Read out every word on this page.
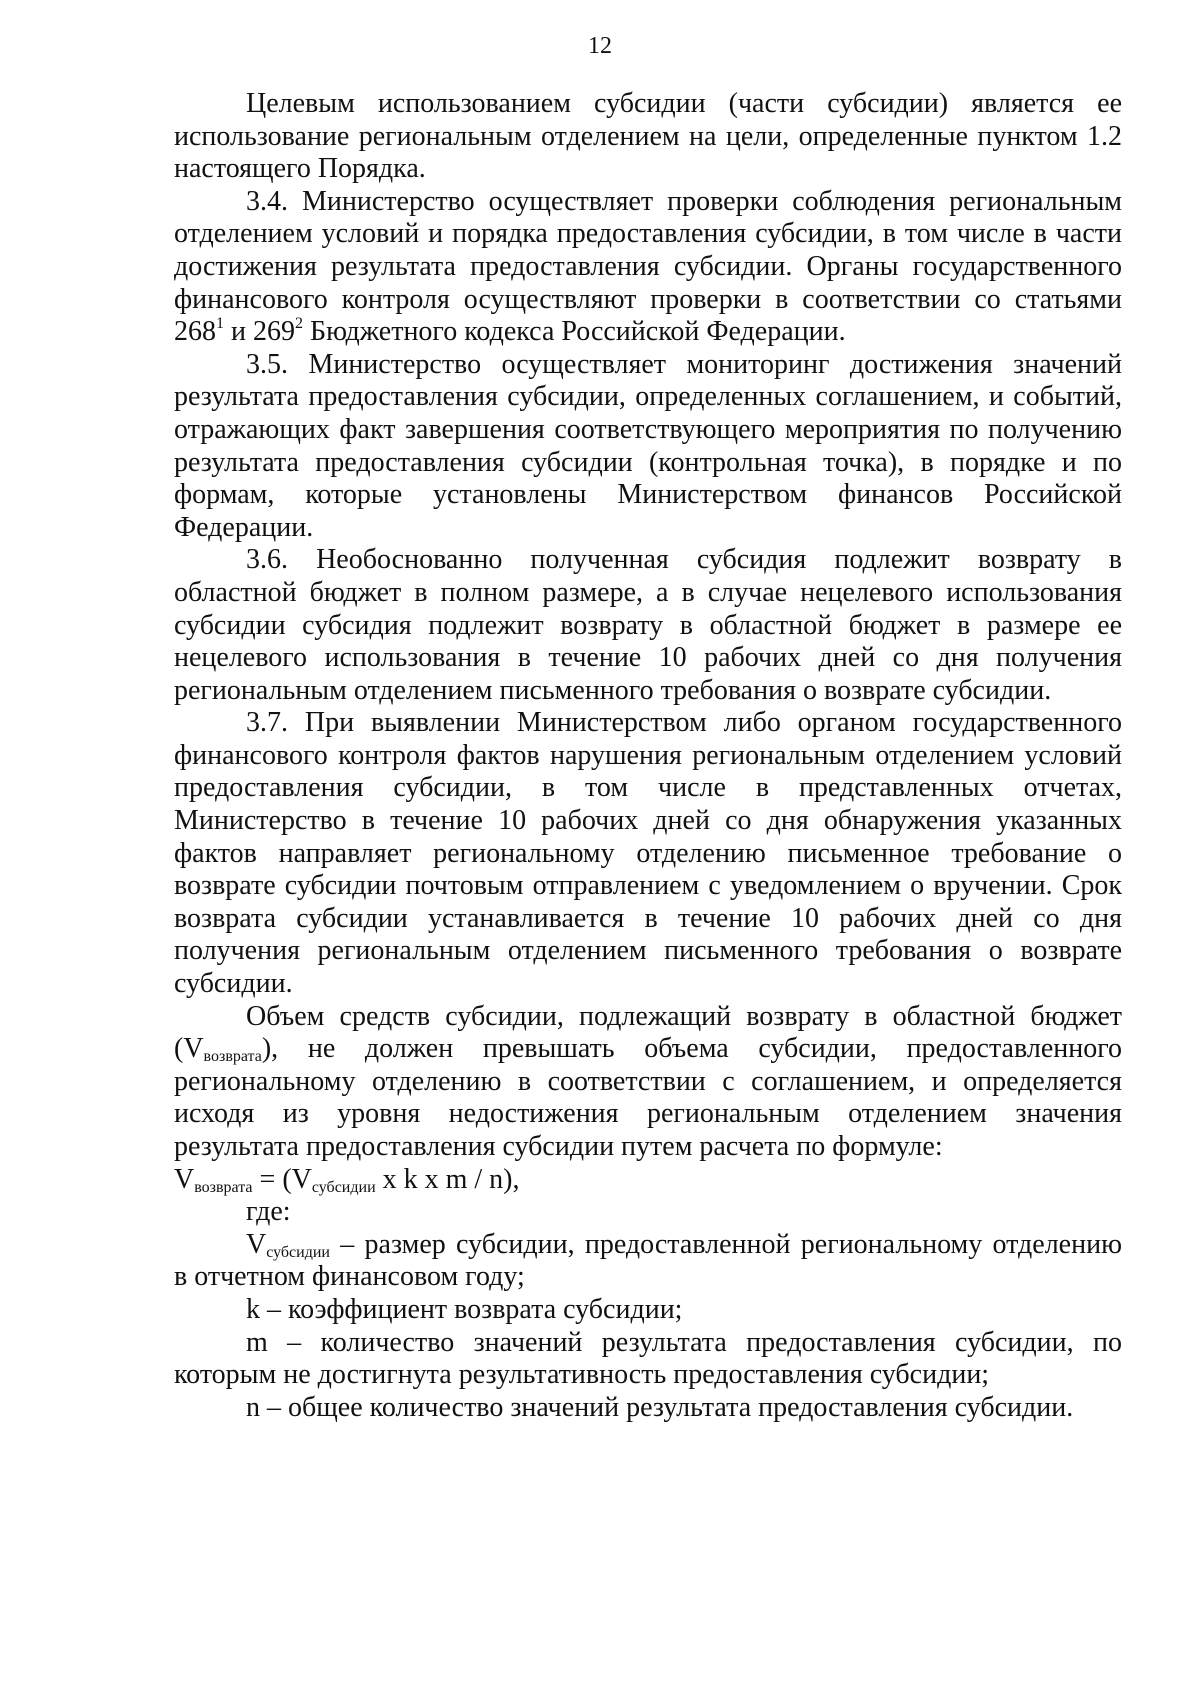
12

Целевым использованием субсидии (части субсидии) является ее использование региональным отделением на цели, определенные пунктом 1.2 настоящего Порядка.

3.4. Министерство осуществляет проверки соблюдения региональным отделением условий и порядка предоставления субсидии, в том числе в части достижения результата предоставления субсидии. Органы государственного финансового контроля осуществляют проверки в соответствии со статьями $268^1$ и $269^2$ Бюджетного кодекса Российской Федерации.

3.5. Министерство осуществляет мониторинг достижения значений результата предоставления субсидии, определенных соглашением, и событий, отражающих факт завершения соответствующего мероприятия по получению результата предоставления субсидии (контрольная точка), в порядке и по формам, которые установлены Министерством финансов Российской Федерации.

3.6. Необоснованно полученная субсидия подлежит возврату в областной бюджет в полном размере, а в случае нецелевого использования субсидии субсидия подлежит возврату в областной бюджет в размере ее нецелевого использования в течение 10 рабочих дней со дня получения региональным отделением письменного требования о возврате субсидии.

3.7. При выявлении Министерством либо органом государственного финансового контроля фактов нарушения региональным отделением условий предоставления субсидии, в том числе в представленных отчетах, Министерство в течение 10 рабочих дней со дня обнаружения указанных фактов направляет региональному отделению письменное требование о возврате субсидии почтовым отправлением с уведомлением о вручении. Срок возврата субсидии устанавливается в течение 10 рабочих дней со дня получения региональным отделением письменного требования о возврате субсидии.

Объем средств субсидии, подлежащий возврату в областной бюджет $(V_{возврата})$, не должен превышать объема субсидии, предоставленного региональному отделению в соответствии с соглашением, и определяется исходя из уровня недостижения региональным отделением значения результата предоставления субсидии путем расчета по формуле:

$V_{возврата} = (V_{субсидии}$ x k x m / n),

где:

$V_{субсидии}$ – размер субсидии, предоставленной региональному отделению в отчетном финансовом году;

k – коэффициент возврата субсидии;

m – количество значений результата предоставления субсидии, по которым не достигнута результативность предоставления субсидии;

n – общее количество значений результата предоставления субсидии.
